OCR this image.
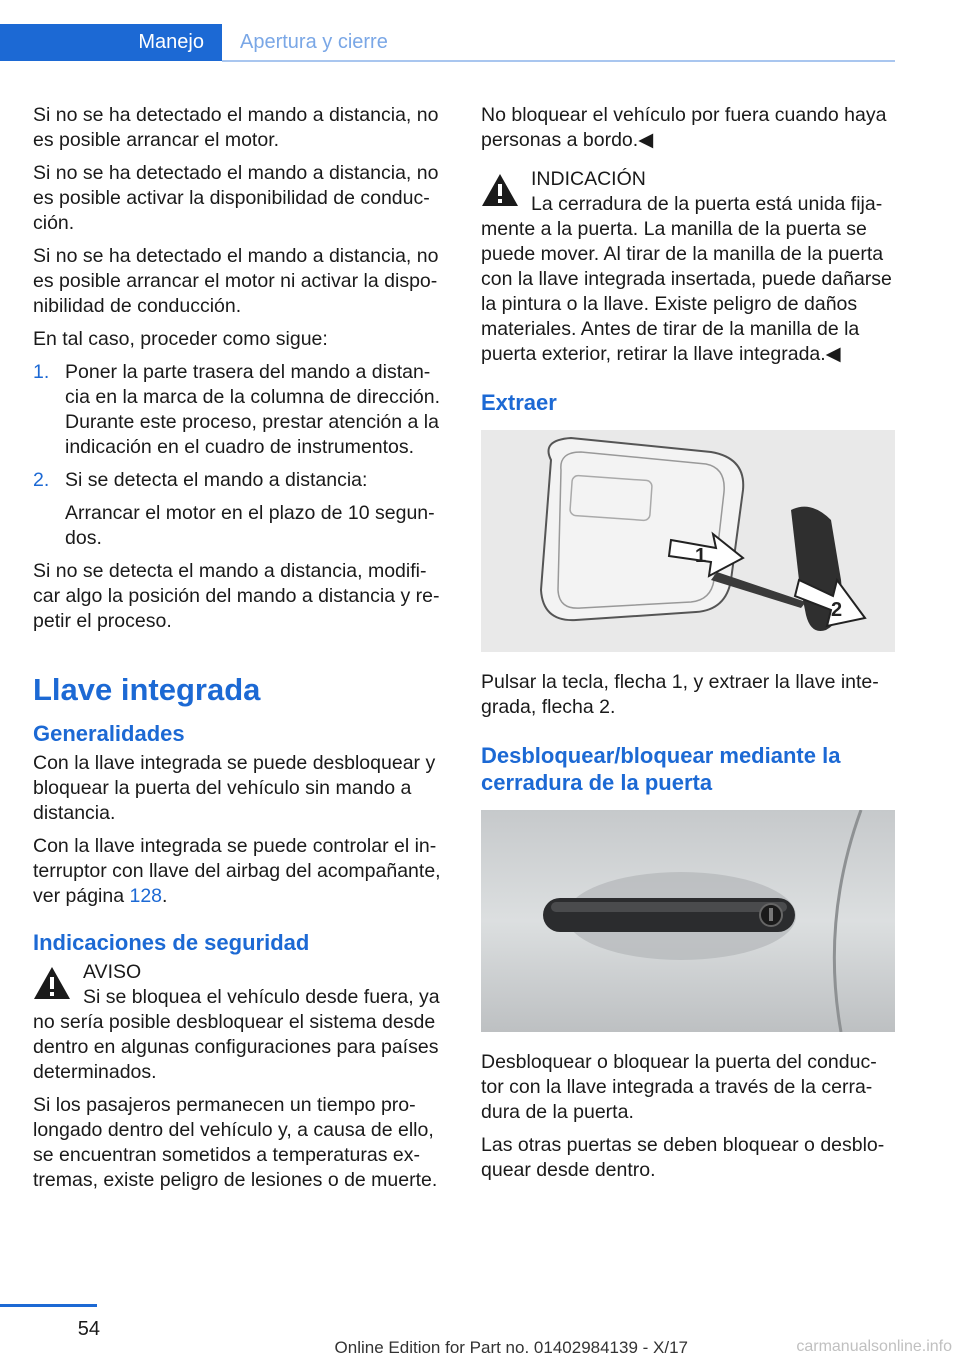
Manejo Apertura y cierre

Si no se ha detectado el mando a distancia, no es posible arrancar el motor.

Si no se ha detectado el mando a distancia, no es posible activar la disponibilidad de conduc‐ción.

Si no se ha detectado el mando a distancia, no es posible arrancar el motor ni activar la dispo‐nibilidad de conducción.

En tal caso, proceder como sigue:

1. Poner la parte trasera del mando a distan‐cia en la marca de la columna de dirección. Durante este proceso, prestar atención a la indicación en el cuadro de instrumentos.
2. Si se detecta el mando a distancia:
Arrancar el motor en el plazo de 10 segun‐dos.

Si no se detecta el mando a distancia, modifi‐car algo la posición del mando a distancia y re‐petir el proceso.

Llave integrada
Generalidades

Con la llave integrada se puede desbloquear y bloquear la puerta del vehículo sin mando a distancia.

Con la llave integrada se puede controlar el in‐terruptor con llave del airbag del acompañante, ver página 128.

Indicaciones de seguridad

AVISO

Si se bloquea el vehículo desde fuera, ya no sería posible desbloquear el sistema desde dentro en algunas configuraciones para países determinados.

Si los pasajeros permanecen un tiempo pro‐longado dentro del vehículo y, a causa de ello, se encuentran sometidos a temperaturas ex‐tremas, existe peligro de lesiones o de muerte.

No bloquear el vehículo por fuera cuando haya personas a bordo.◀

INDICACIÓN

La cerradura de la puerta está unida fija‐mente a la puerta. La manilla de la puerta se puede mover. Al tirar de la manilla de la puerta con la llave integrada insertada, puede dañarse la pintura o la llave. Existe peligro de daños materiales. Antes de tirar de la manilla de la puerta exterior, retirar la llave integrada.◀

Extraer
1
2

Pulsar la tecla, flecha 1, y extraer la llave inte‐grada, flecha 2.

Desbloquear/bloquear mediante la cerradura de la puerta

Desbloquear o bloquear la puerta del conduc‐tor con la llave integrada a través de la cerra‐dura de la puerta.

Las otras puertas se deben bloquear o desblo‐quear desde dentro.

54
Online Edition for Part no. 01402984139 - X/17	carmanualsonline.info
